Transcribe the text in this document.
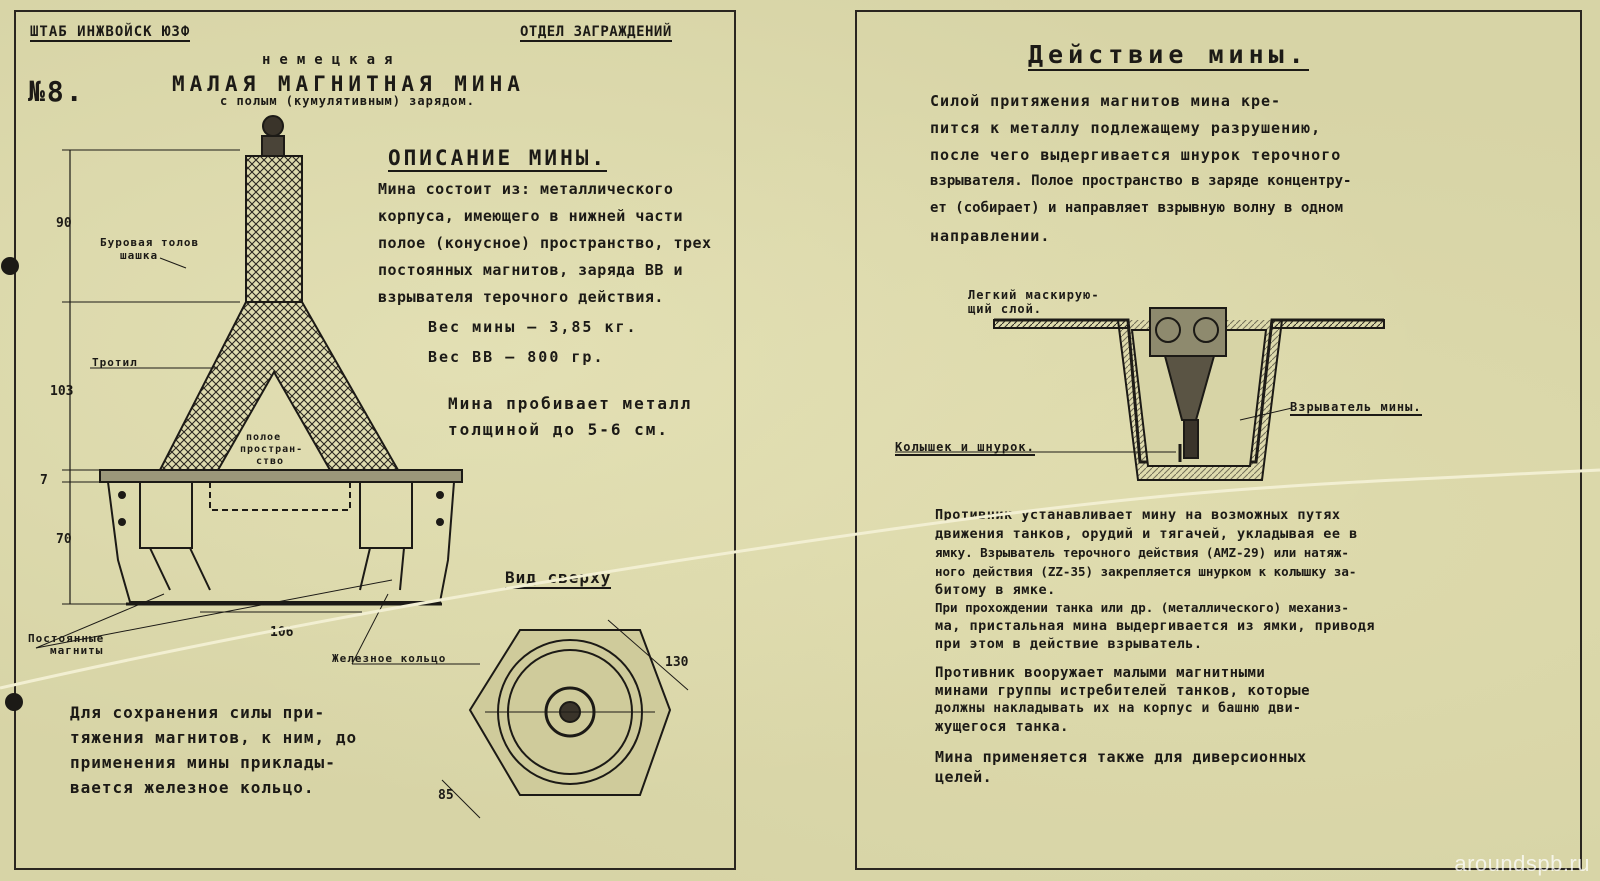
ШТАБ ИНЖВОЙСК ЮЗФ	ОТДЕЛ ЗАГРАЖДЕНИЙ
№8.
немецкая
МАЛАЯ МАГНИТНАЯ МИНА
с полым (кумулятивным) зарядом.
ОПИСАНИЕ МИНЫ.
Мина состоит из: металлического
корпуса, имеющего в нижней части
полое (конусное) пространство, трех
постоянных магнитов, заряда ВВ и
взрывателя терочного действия.
Вес мины – 3,85 кг.
Вес ВВ – 800 гр.
Мина пробивает металл
толщиной до 5-6 см.
Вид сверху
Для сохранения силы при-
тяжения магнитов, к ним, до
применения мины приклады-
вается железное кольцо.
Буровая толов
шашка
Тротил
полое
простран-
ство
Постоянные
магниты
Железное кольцо
90
103
7
70
106
130
85
Действие мины.
Силой притяжения магнитов мина кре-
пится к металлу подлежащему разрушению,
после чего выдергивается шнурок терочного
взрывателя. Полое пространство в заряде концентру-
ет (собирает) и направляет взрывную волну в одном
направлении.
Легкий маскирую-
щий слой.
Взрыватель мины.
Колышек и шнурок.
Противник устанавливает мину на возможных путях
движения танков, орудий и тягачей, укладывая ее в
ямку. Взрыватель терочного действия (AMZ-29) или натяж-
ного действия (ZZ-35) закрепляется шнурком к колышку за-
битому в ямке.
При прохождении танка или др. (металлического) механиз-
ма, пристальная мина выдергивается из ямки, приводя
при этом в действие взрыватель.
Противник вооружает малыми магнитными
минами группы истребителей танков, которые
должны накладывать их на корпус и башню дви-
жущегося танка.
Мина применяется также для диверсионных
целей.
aroundspb.ru
